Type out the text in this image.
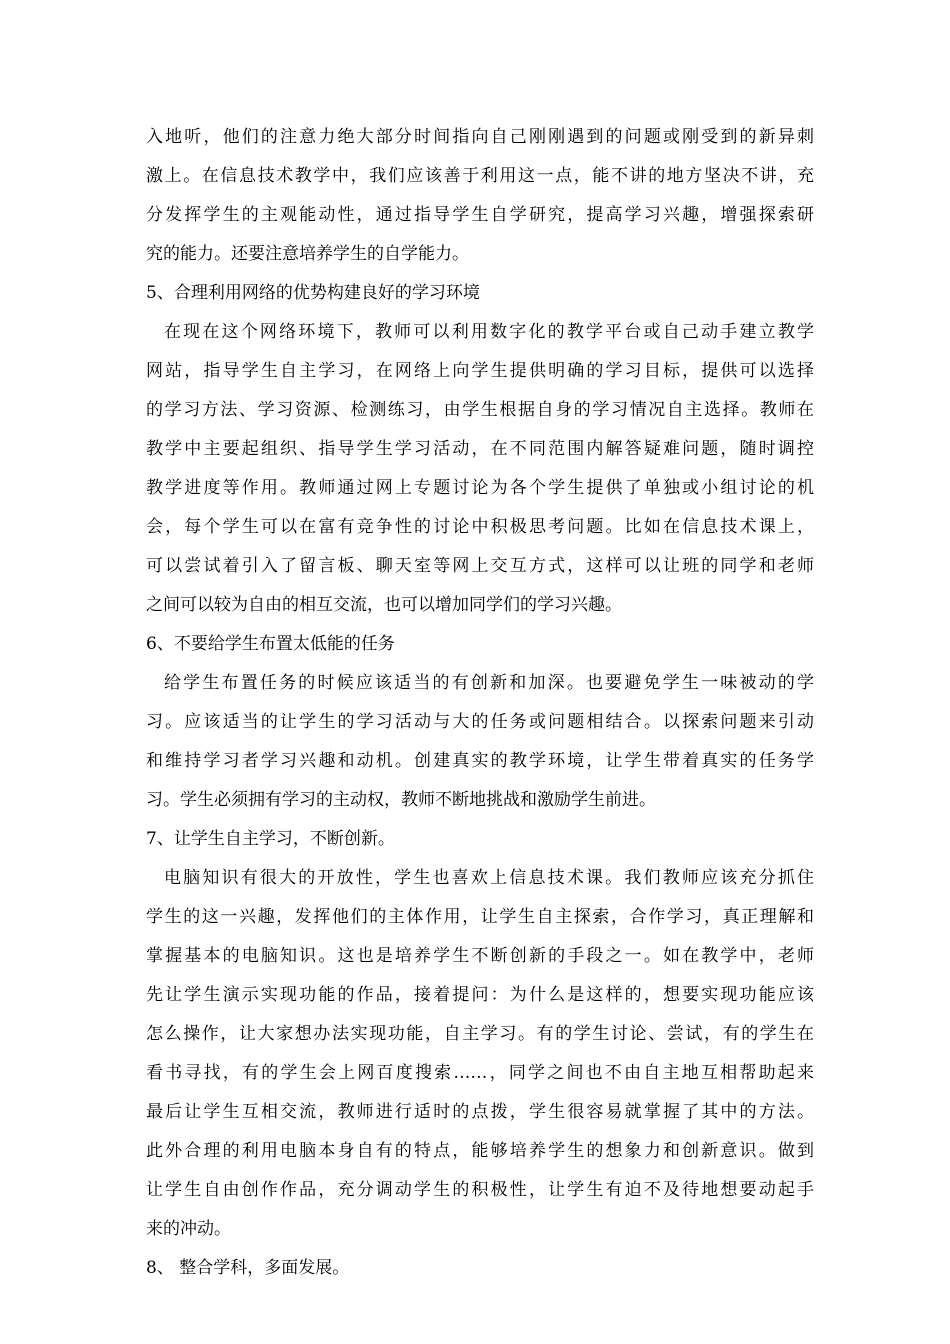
入地听，他们的注意力绝大部分时间指向自己刚刚遇到的问题或刚受到的新异刺
激上。在信息技术教学中，我们应该善于利用这一点，能不讲的地方坚决不讲，充
分发挥学生的主观能动性，通过指导学生自学研究，提高学习兴趣，增强探索研
究的能力。还要注意培养学生的自学能力。
5、合理利用网络的优势构建良好的学习环境
在现在这个网络环境下，教师可以利用数字化的教学平台或自己动手建立教学
网站，指导学生自主学习，在网络上向学生提供明确的学习目标，提供可以选择
的学习方法、学习资源、检测练习，由学生根据自身的学习情况自主选择。教师在
教学中主要起组织、指导学生学习活动，在不同范围内解答疑难问题，随时调控
教学进度等作用。教师通过网上专题讨论为各个学生提供了单独或小组讨论的机
会，每个学生可以在富有竞争性的讨论中积极思考问题。比如在信息技术课上，
可以尝试着引入了留言板、聊天室等网上交互方式，这样可以让班的同学和老师
之间可以较为自由的相互交流，也可以增加同学们的学习兴趣。
6、不要给学生布置太低能的任务
给学生布置任务的时候应该适当的有创新和加深。也要避免学生一味被动的学
习。应该适当的让学生的学习活动与大的任务或问题相结合。以探索问题来引动
和维持学习者学习兴趣和动机。创建真实的教学环境，让学生带着真实的任务学
习。学生必须拥有学习的主动权，教师不断地挑战和激励学生前进。
7、让学生自主学习，不断创新。
电脑知识有很大的开放性，学生也喜欢上信息技术课。我们教师应该充分抓住
学生的这一兴趣，发挥他们的主体作用，让学生自主探索，合作学习，真正理解和
掌握基本的电脑知识。这也是培养学生不断创新的手段之一。如在教学中，老师
先让学生演示实现功能的作品，接着提问：为什么是这样的，想要实现功能应该
怎么操作，让大家想办法实现功能，自主学习。有的学生讨论、尝试，有的学生在
看书寻找，有的学生会上网百度搜索……，同学之间也不由自主地互相帮助起来
最后让学生互相交流，教师进行适时的点拨，学生很容易就掌握了其中的方法。
此外合理的利用电脑本身自有的特点，能够培养学生的想象力和创新意识。做到
让学生自由创作作品，充分调动学生的积极性，让学生有迫不及待地想要动起手
来的冲动。
8、 整合学科，多面发展。
